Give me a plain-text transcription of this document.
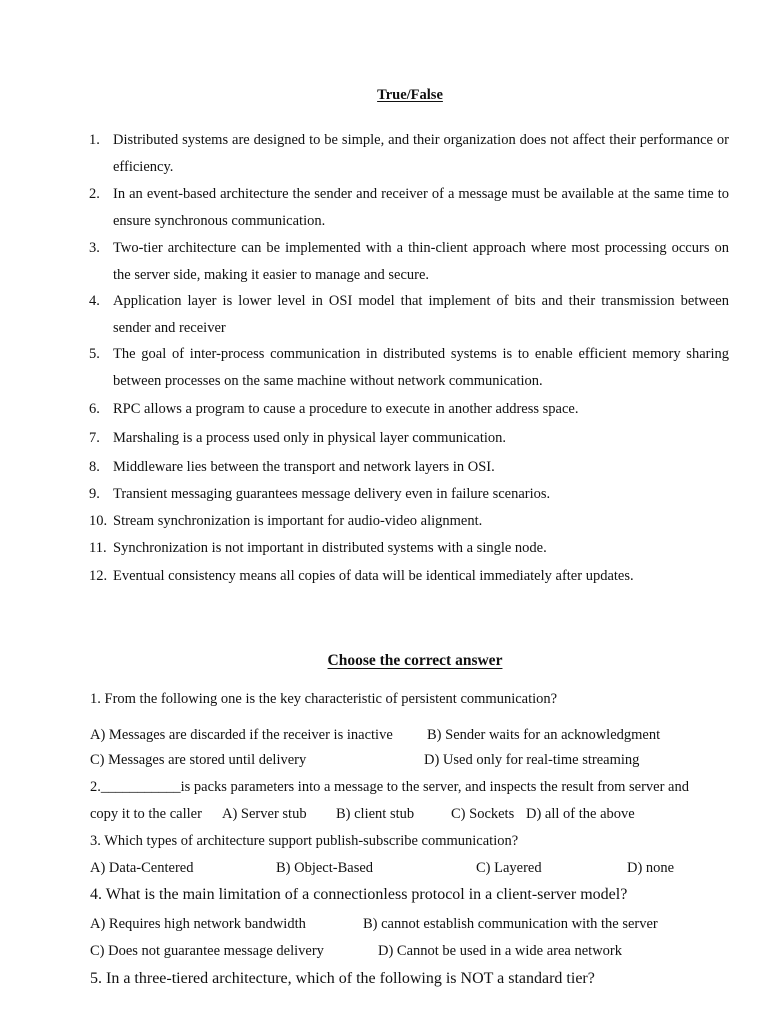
True/False
1. Distributed systems are designed to be simple, and their organization does not affect their performance or efficiency.
2. In an event-based architecture the sender and receiver of a message must be available at the same time to ensure synchronous communication.
3. Two-tier architecture can be implemented with a thin-client approach where most processing occurs on the server side, making it easier to manage and secure.
4. Application layer is lower level in OSI model that implement of bits and their transmission between sender and receiver
5. The goal of inter-process communication in distributed systems is to enable efficient memory sharing between processes on the same machine without network communication.
6. RPC allows a program to cause a procedure to execute in another address space.
7. Marshaling is a process used only in physical layer communication.
8. Middleware lies between the transport and network layers in OSI.
9. Transient messaging guarantees message delivery even in failure scenarios.
10. Stream synchronization is important for audio-video alignment.
11. Synchronization is not important in distributed systems with a single node.
12. Eventual consistency means all copies of data will be identical immediately after updates.
Choose the correct answer
1. From the following one is the key characteristic of persistent communication?
A) Messages are discarded if the receiver is inactive B) Sender waits for an acknowledgment
C) Messages are stored until delivery	D) Used only for real-time streaming
2.___________is packs parameters into a message to the server, and inspects the result from server and
copy it to the caller A) Server stub B) client stub	C) Sockets D) all of the above
3. Which types of architecture support publish-subscribe communication?
A) Data-Centered	B) Object-Based	C) Layered	D) none
4. What is the main limitation of a connectionless protocol in a client-server model?
A) Requires high network bandwidth	B) cannot establish communication with the server
C) Does not guarantee message delivery	D) Cannot be used in a wide area network
5. In a three-tiered architecture, which of the following is NOT a standard tier?
